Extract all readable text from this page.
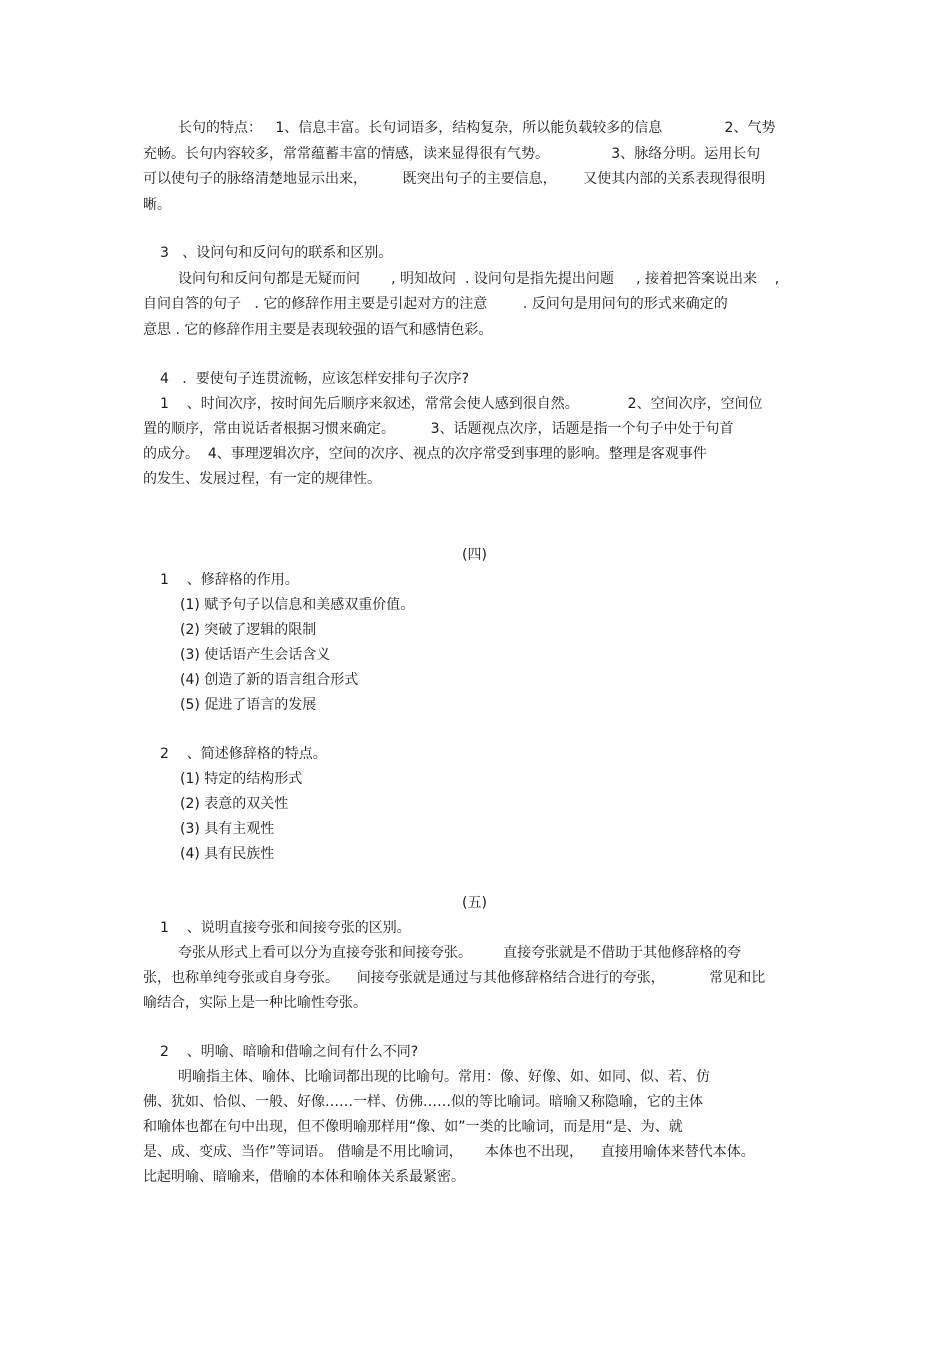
长句的特点：   1、信息丰富。长句词语多，结构复杂，所以能负载较多的信息              2、气势
充畅。长句内容较多，常常蕴蓄丰富的情感，读来显得很有气势。              3、脉络分明。运用长句
可以使句子的脉络清楚地显示出来，        既突出句子的主要信息，      又使其内部的关系表现得很明
晰。
3   、设问句和反问句的联系和区别。
设问句和反问句都是无疑而问       , 明知故问  . 设问句是指先提出问题     , 接着把答案说出来    ,
自问自答的句子   . 它的修辞作用主要是引起对方的注意        . 反问句是用问句的形式来确定的
意思 . 它的修辞作用主要是表现较强的语气和感情色彩。
4   .  要使句子连贯流畅，应该怎样安排句子次序?
1    、时间次序，按时间先后顺序来叙述，常常会使人感到很自然。           2、空间次序，空间位
置的顺序，常由说话者根据习惯来确定。        3、话题视点次序，话题是指一个句子中处于句首
的成分。  4、事理逻辑次序，空间的次序、视点的次序常受到事理的影响。整理是客观事件
的发生、发展过程，有一定的规律性。
(四)
1    、修辞格的作用。
(1) 赋予句子以信息和美感双重价值。
(2) 突破了逻辑的限制
(3) 使话语产生会话含义
(4) 创造了新的语言组合形式
(5) 促进了语言的发展
2    、简述修辞格的特点。
(1) 特定的结构形式
(2) 表意的双关性
(3) 具有主观性
(4) 具有民族性
(五)
1    、说明直接夸张和间接夸张的区别。
夸张从形式上看可以分为直接夸张和间接夸张。       直接夸张就是不借助于其他修辞格的夸
张，也称单纯夸张或自身夸张。    间接夸张就是通过与其他修辞格结合进行的夸张，          常见和比
喻结合，实际上是一种比喻性夸张。
2    、明喻、暗喻和借喻之间有什么不同?
明喻指主体、喻体、比喻词都出现的比喻句。常用：像、好像、如、如同、似、若、仿
佛、犹如、恰似、一般、好像……一样、仿佛……似的等比喻词。暗喻又称隐喻，它的主体
和喻体也都在句中出现，但不像明喻那样用“像、如”一类的比喻词，而是用“是、为、就
是、成、变成、当作”等词语。 借喻是不用比喻词，     本体也不出现，    直接用喻体来替代本体。
比起明喻、暗喻来，借喻的本体和喻体关系最紧密。
